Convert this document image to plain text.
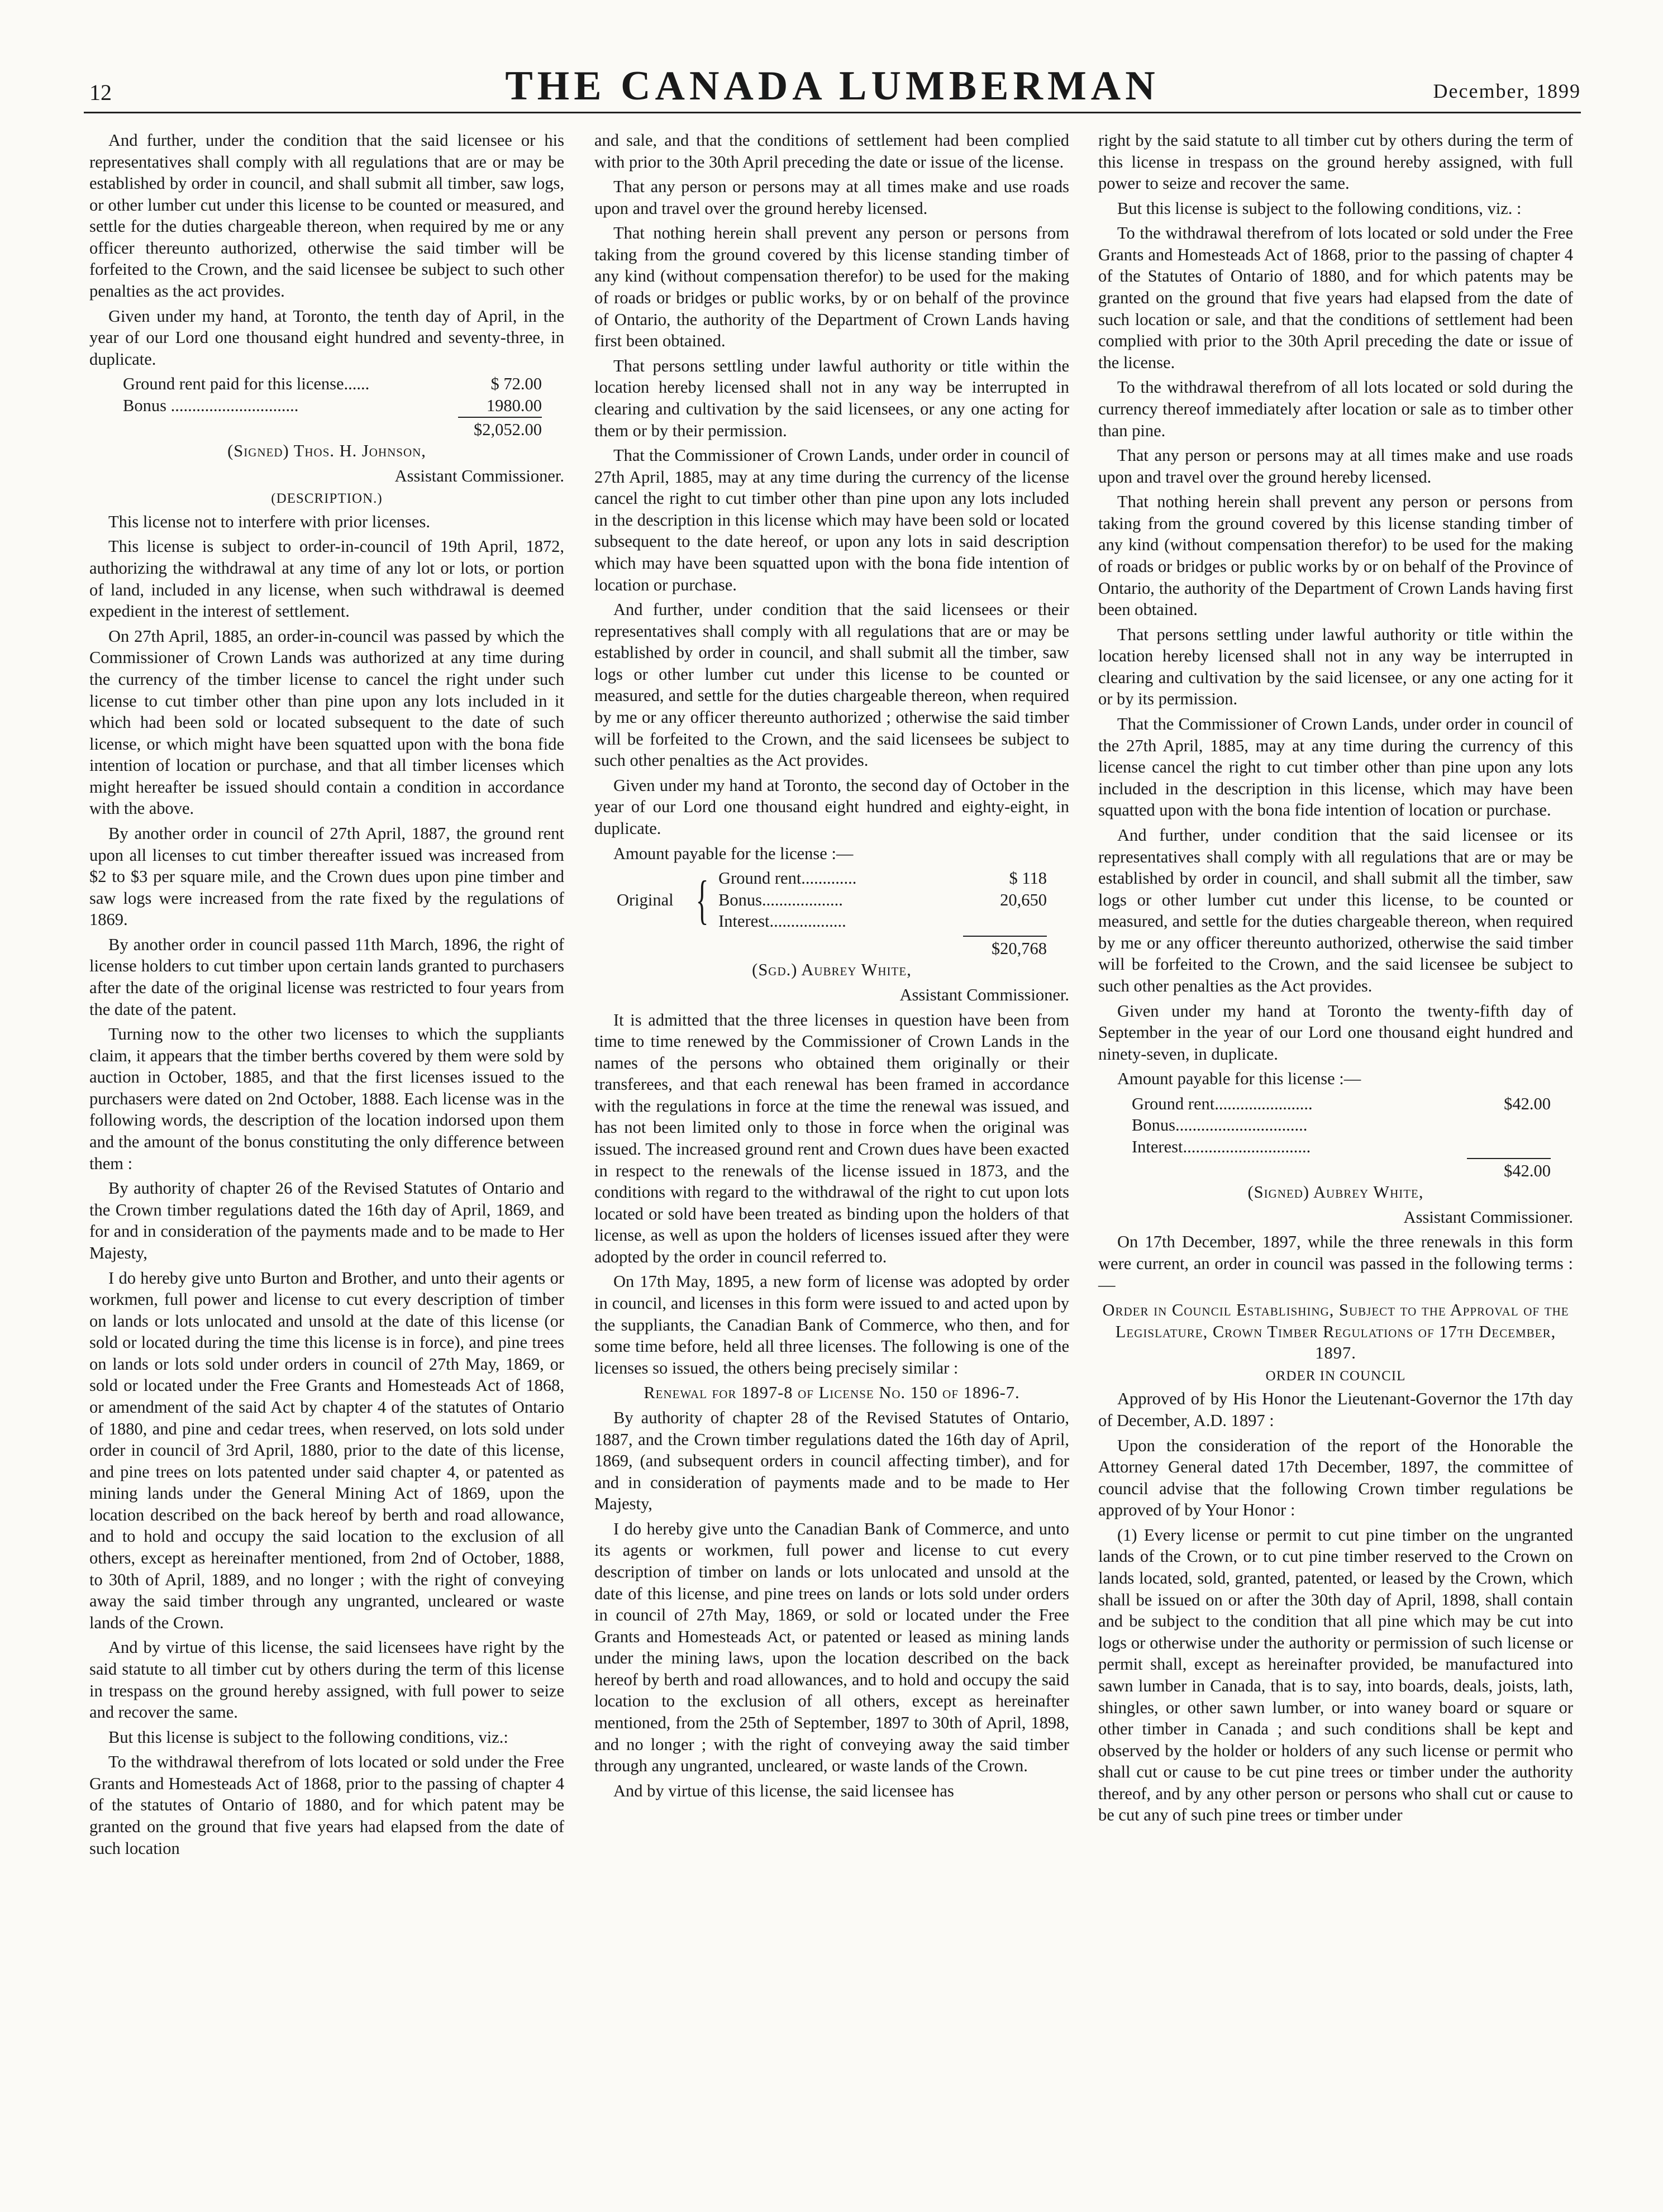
12	THE CANADA LUMBERMAN	December, 1899

And further, under the condition that the said licensee or his representatives shall comply with all regulations that are or may be established by order in council, and shall submit all timber, saw logs, or other lumber cut under this license to be counted or measured, and settle for the duties chargeable thereon, when required by me or any officer thereunto authorized, otherwise the said timber will be forfeited to the Crown, and the said licensee be subject to such other penalties as the act provides.

Given under my hand, at Toronto, the tenth day of April, in the year of our Lord one thousand eight hundred and seventy-three, in duplicate.

Ground rent paid for this license......	$ 72.00
Bonus ..............................	1980.00
$2,052.00

(Signed) Thos. H. Johnson,

Assistant Commissioner.

(DESCRIPTION.)

This license not to interfere with prior licenses.

This license is subject to order-in-council of 19th April, 1872, authorizing the withdrawal at any time of any lot or lots, or portion of land, included in any license, when such withdrawal is deemed expedient in the interest of settlement.

On 27th April, 1885, an order-in-council was passed by which the Commissioner of Crown Lands was authorized at any time during the currency of the timber license to cancel the right under such license to cut timber other than pine upon any lots included in it which had been sold or located subsequent to the date of such license, or which might have been squatted upon with the bona fide intention of location or purchase, and that all timber licenses which might hereafter be issued should contain a condition in accordance with the above.

By another order in council of 27th April, 1887, the ground rent upon all licenses to cut timber thereafter issued was increased from $2 to $3 per square mile, and the Crown dues upon pine timber and saw logs were increased from the rate fixed by the regulations of 1869.

By another order in council passed 11th March, 1896, the right of license holders to cut timber upon certain lands granted to purchasers after the date of the original license was restricted to four years from the date of the patent.

Turning now to the other two licenses to which the suppliants claim, it appears that the timber berths covered by them were sold by auction in October, 1885, and that the first licenses issued to the purchasers were dated on 2nd October, 1888. Each license was in the following words, the description of the location indorsed upon them and the amount of the bonus constituting the only difference between them :

By authority of chapter 26 of the Revised Statutes of Ontario and the Crown timber regulations dated the 16th day of April, 1869, and for and in consideration of the payments made and to be made to Her Majesty,

I do hereby give unto Burton and Brother, and unto their agents or workmen, full power and license to cut every description of timber on lands or lots unlocated and unsold at the date of this license (or sold or located during the time this license is in force), and pine trees on lands or lots sold under orders in council of 27th May, 1869, or sold or located under the Free Grants and Homesteads Act of 1868, or amendment of the said Act by chapter 4 of the statutes of Ontario of 1880, and pine and cedar trees, when reserved, on lots sold under order in council of 3rd April, 1880, prior to the date of this license, and pine trees on lots patented under said chapter 4, or patented as mining lands under the General Mining Act of 1869, upon the location described on the back hereof by berth and road allowance, and to hold and occupy the said location to the exclusion of all others, except as hereinafter mentioned, from 2nd of October, 1888, to 30th of April, 1889, and no longer ; with the right of conveying away the said timber through any ungranted, uncleared or waste lands of the Crown.

And by virtue of this license, the said licensees have right by the said statute to all timber cut by others during the term of this license in trespass on the ground hereby assigned, with full power to seize and recover the same.

But this license is subject to the following conditions, viz.:

To the withdrawal therefrom of lots located or sold under the Free Grants and Homesteads Act of 1868, prior to the passing of chapter 4 of the statutes of Ontario of 1880, and for which patent may be granted on the ground that five years had elapsed from the date of such location

and sale, and that the conditions of settlement had been complied with prior to the 30th April preceding the date or issue of the license.

That any person or persons may at all times make and use roads upon and travel over the ground hereby licensed.

That nothing herein shall prevent any person or persons from taking from the ground covered by this license standing timber of any kind (without compensation therefor) to be used for the making of roads or bridges or public works, by or on behalf of the province of Ontario, the authority of the Department of Crown Lands having first been obtained.

That persons settling under lawful authority or title within the location hereby licensed shall not in any way be interrupted in clearing and cultivation by the said licensees, or any one acting for them or by their permission.

That the Commissioner of Crown Lands, under order in council of 27th April, 1885, may at any time during the currency of the license cancel the right to cut timber other than pine upon any lots included in the description in this license which may have been sold or located subsequent to the date hereof, or upon any lots in said description which may have been squatted upon with the bona fide intention of location or purchase.

And further, under condition that the said licensees or their representatives shall comply with all regulations that are or may be established by order in council, and shall submit all the timber, saw logs or other lumber cut under this license to be counted or measured, and settle for the duties chargeable thereon, when required by me or any officer thereunto authorized ; otherwise the said timber will be forfeited to the Crown, and the said licensees be subject to such other penalties as the Act provides.

Given under my hand at Toronto, the second day of October in the year of our Lord one thousand eight hundred and eighty-eight, in duplicate.

Amount payable for the license :—

Original { Ground rent.............	$ 118
Bonus...................	20,650
Interest..................
$20,768

(Sgd.) Aubrey White,

Assistant Commissioner.

It is admitted that the three licenses in question have been from time to time renewed by the Commissioner of Crown Lands in the names of the persons who obtained them originally or their transferees, and that each renewal has been framed in accordance with the regulations in force at the time the renewal was issued, and has not been limited only to those in force when the original was issued. The increased ground rent and Crown dues have been exacted in respect to the renewals of the license issued in 1873, and the conditions with regard to the withdrawal of the right to cut upon lots located or sold have been treated as binding upon the holders of that license, as well as upon the holders of licenses issued after they were adopted by the order in council referred to.

On 17th May, 1895, a new form of license was adopted by order in council, and licenses in this form were issued to and acted upon by the suppliants, the Canadian Bank of Commerce, who then, and for some time before, held all three licenses. The following is one of the licenses so issued, the others being precisely similar :

Renewal for 1897-8 of License No. 150 of 1896-7.

By authority of chapter 28 of the Revised Statutes of Ontario, 1887, and the Crown timber regulations dated the 16th day of April, 1869, (and subsequent orders in council affecting timber), and for and in consideration of payments made and to be made to Her Majesty,

I do hereby give unto the Canadian Bank of Commerce, and unto its agents or workmen, full power and license to cut every description of timber on lands or lots unlocated and unsold at the date of this license, and pine trees on lands or lots sold under orders in council of 27th May, 1869, or sold or located under the Free Grants and Homesteads Act, or patented or leased as mining lands under the mining laws, upon the location described on the back hereof by berth and road allowances, and to hold and occupy the said location to the exclusion of all others, except as hereinafter mentioned, from the 25th of September, 1897 to 30th of April, 1898, and no longer ; with the right of conveying away the said timber through any ungranted, uncleared, or waste lands of the Crown.

And by virtue of this license, the said licensee has

right by the said statute to all timber cut by others during the term of this license in trespass on the ground hereby assigned, with full power to seize and recover the same.

But this license is subject to the following conditions, viz. :

To the withdrawal therefrom of lots located or sold under the Free Grants and Homesteads Act of 1868, prior to the passing of chapter 4 of the Statutes of Ontario of 1880, and for which patents may be granted on the ground that five years had elapsed from the date of such location or sale, and that the conditions of settlement had been complied with prior to the 30th April preceding the date or issue of the license.

To the withdrawal therefrom of all lots located or sold during the currency thereof immediately after location or sale as to timber other than pine.

That any person or persons may at all times make and use roads upon and travel over the ground hereby licensed.

That nothing herein shall prevent any person or persons from taking from the ground covered by this license standing timber of any kind (without compensation therefor) to be used for the making of roads or bridges or public works by or on behalf of the Province of Ontario, the authority of the Department of Crown Lands having first been obtained.

That persons settling under lawful authority or title within the location hereby licensed shall not in any way be interrupted in clearing and cultivation by the said licensee, or any one acting for it or by its permission.

That the Commissioner of Crown Lands, under order in council of the 27th April, 1885, may at any time during the currency of this license cancel the right to cut timber other than pine upon any lots included in the description in this license, which may have been squatted upon with the bona fide intention of location or purchase.

And further, under condition that the said licensee or its representatives shall comply with all regulations that are or may be established by order in council, and shall submit all the timber, saw logs or other lumber cut under this license, to be counted or measured, and settle for the duties chargeable thereon, when required by me or any officer thereunto authorized, otherwise the said timber will be forfeited to the Crown, and the said licensee be subject to such other penalties as the Act provides.

Given under my hand at Toronto the twenty-fifth day of September in the year of our Lord one thousand eight hundred and ninety-seven, in duplicate.

Amount payable for this license :—

Ground rent.......................	$42.00
Bonus...............................
Interest..............................
$42.00

(Signed) Aubrey White,

Assistant Commissioner.

On 17th December, 1897, while the three renewals in this form were current, an order in council was passed in the following terms :—

Order in Council Establishing, Subject to the Approval of the Legislature, Crown Timber Regulations of 17th December, 1897.

ORDER IN COUNCIL

Approved of by His Honor the Lieutenant-Governor the 17th day of December, A.D. 1897 :

Upon the consideration of the report of the Honorable the Attorney General dated 17th December, 1897, the committee of council advise that the following Crown timber regulations be approved of by Your Honor :

(1) Every license or permit to cut pine timber on the ungranted lands of the Crown, or to cut pine timber reserved to the Crown on lands located, sold, granted, patented, or leased by the Crown, which shall be issued on or after the 30th day of April, 1898, shall contain and be subject to the condition that all pine which may be cut into logs or otherwise under the authority or permission of such license or permit shall, except as hereinafter provided, be manufactured into sawn lumber in Canada, that is to say, into boards, deals, joists, lath, shingles, or other sawn lumber, or into waney board or square or other timber in Canada ; and such conditions shall be kept and observed by the holder or holders of any such license or permit who shall cut or cause to be cut pine trees or timber under the authority thereof, and by any other person or persons who shall cut or cause to be cut any of such pine trees or timber under
